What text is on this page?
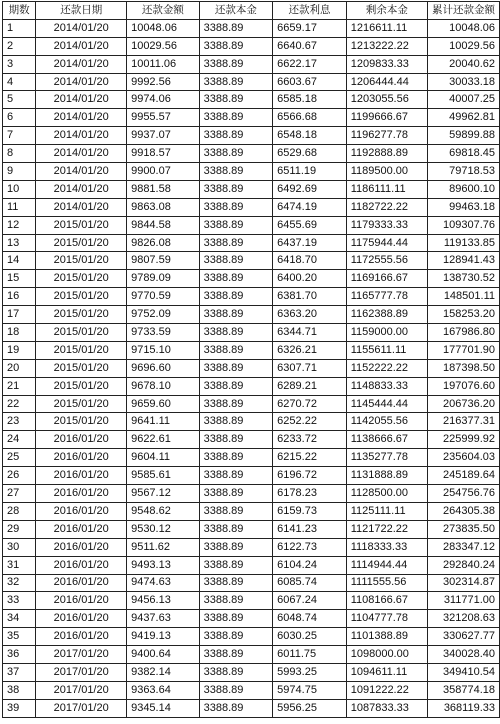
期数	还款日期	还款金额	还款本金	还款利息	剩余本金	累计还款金额
1	2014/01/20	10048.06	3388.89	6659.17	1216611.11	10048.06
2	2014/01/20	10029.56	3388.89	6640.67	1213222.22	10029.56
3	2014/01/20	10011.06	3388.89	6622.17	1209833.33	20040.62
4	2014/01/20	9992.56	3388.89	6603.67	1206444.44	30033.18
5	2014/01/20	9974.06	3388.89	6585.18	1203055.56	40007.25
6	2014/01/20	9955.57	3388.89	6566.68	1199666.67	49962.81
7	2014/01/20	9937.07	3388.89	6548.18	1196277.78	59899.88
8	2014/01/20	9918.57	3388.89	6529.68	1192888.89	69818.45
9	2014/01/20	9900.07	3388.89	6511.19	1189500.00	79718.53
10	2014/01/20	9881.58	3388.89	6492.69	1186111.11	89600.10
11	2014/01/20	9863.08	3388.89	6474.19	1182722.22	99463.18
12	2015/01/20	9844.58	3388.89	6455.69	1179333.33	109307.76
13	2015/01/20	9826.08	3388.89	6437.19	1175944.44	119133.85
14	2015/01/20	9807.59	3388.89	6418.70	1172555.56	128941.43
15	2015/01/20	9789.09	3388.89	6400.20	1169166.67	138730.52
16	2015/01/20	9770.59	3388.89	6381.70	1165777.78	148501.11
17	2015/01/20	9752.09	3388.89	6363.20	1162388.89	158253.20
18	2015/01/20	9733.59	3388.89	6344.71	1159000.00	167986.80
19	2015/01/20	9715.10	3388.89	6326.21	1155611.11	177701.90
20	2015/01/20	9696.60	3388.89	6307.71	1152222.22	187398.50
21	2015/01/20	9678.10	3388.89	6289.21	1148833.33	197076.60
22	2015/01/20	9659.60	3388.89	6270.72	1145444.44	206736.20
23	2015/01/20	9641.11	3388.89	6252.22	1142055.56	216377.31
24	2016/01/20	9622.61	3388.89	6233.72	1138666.67	225999.92
25	2016/01/20	9604.11	3388.89	6215.22	1135277.78	235604.03
26	2016/01/20	9585.61	3388.89	6196.72	1131888.89	245189.64
27	2016/01/20	9567.12	3388.89	6178.23	1128500.00	254756.76
28	2016/01/20	9548.62	3388.89	6159.73	1125111.11	264305.38
29	2016/01/20	9530.12	3388.89	6141.23	1121722.22	273835.50
30	2016/01/20	9511.62	3388.89	6122.73	1118333.33	283347.12
31	2016/01/20	9493.13	3388.89	6104.24	1114944.44	292840.24
32	2016/01/20	9474.63	3388.89	6085.74	1111555.56	302314.87
33	2016/01/20	9456.13	3388.89	6067.24	1108166.67	311771.00
34	2016/01/20	9437.63	3388.89	6048.74	1104777.78	321208.63
35	2016/01/20	9419.13	3388.89	6030.25	1101388.89	330627.77
36	2017/01/20	9400.64	3388.89	6011.75	1098000.00	340028.40
37	2017/01/20	9382.14	3388.89	5993.25	1094611.11	349410.54
38	2017/01/20	9363.64	3388.89	5974.75	1091222.22	358774.18
39	2017/01/20	9345.14	3388.89	5956.25	1087833.33	368119.33
